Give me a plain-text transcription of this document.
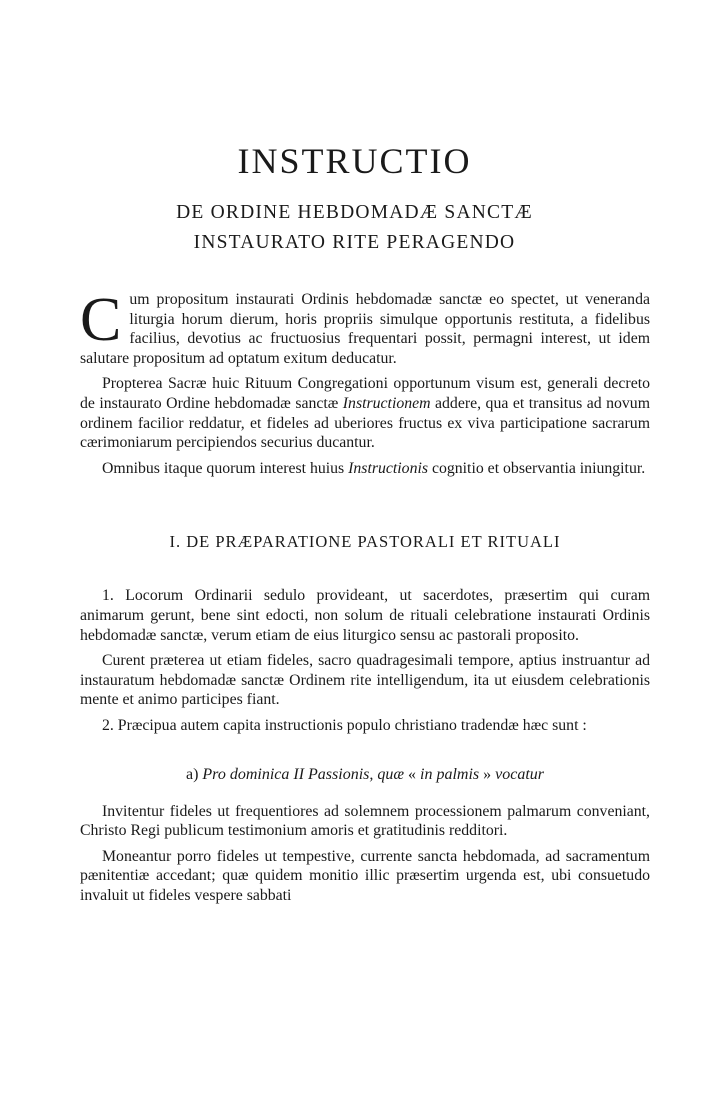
INSTRUCTIO
DE ORDINE HEBDOMADÆ SANCTÆ
INSTAURATO RITE PERAGENDO

Cum propositum instaurati Ordinis hebdomadæ sanctæ eo spectet, ut veneranda liturgia horum dierum, horis propriis simulque opportunis restituta, a fidelibus facilius, devotius ac fructuosius frequentari possit, permagni interest, ut idem salutare propositum ad optatum exitum deducatur.

Propterea Sacræ huic Rituum Congregationi opportunum visum est, generali decreto de instaurato Ordine hebdomadæ sanctæ Instructionem addere, qua et transitus ad novum ordinem facilior reddatur, et fideles ad uberiores fructus ex viva participatione sacrarum cærimoniarum percipiendos securius ducantur.

Omnibus itaque quorum interest huius Instructionis cognitio et observantia iniungitur.

I. DE PRÆPARATIONE PASTORALI ET RITUALI

1. Locorum Ordinarii sedulo provideant, ut sacerdotes, præsertim qui curam animarum gerunt, bene sint edocti, non solum de rituali celebratione instaurati Ordinis hebdomadæ sanctæ, verum etiam de eius liturgico sensu ac pastorali proposito.

Curent præterea ut etiam fideles, sacro quadragesimali tempore, aptius instruantur ad instauratum hebdomadæ sanctæ Ordinem rite intelligendum, ita ut eiusdem celebrationis mente et animo participes fiant.

2. Præcipua autem capita instructionis populo christiano tradendæ hæc sunt :

a) Pro dominica II Passionis, quæ « in palmis » vocatur

Invitentur fideles ut frequentiores ad solemnem processionem palmarum conveniant, Christo Regi publicum testimonium amoris et gratitudinis redditori.

Moneantur porro fideles ut tempestive, currente sancta hebdomada, ad sacramentum pænitentiæ accedant; quæ quidem monitio illic præsertim urgenda est, ubi consuetudo invaluit ut fideles vespere sabbati
